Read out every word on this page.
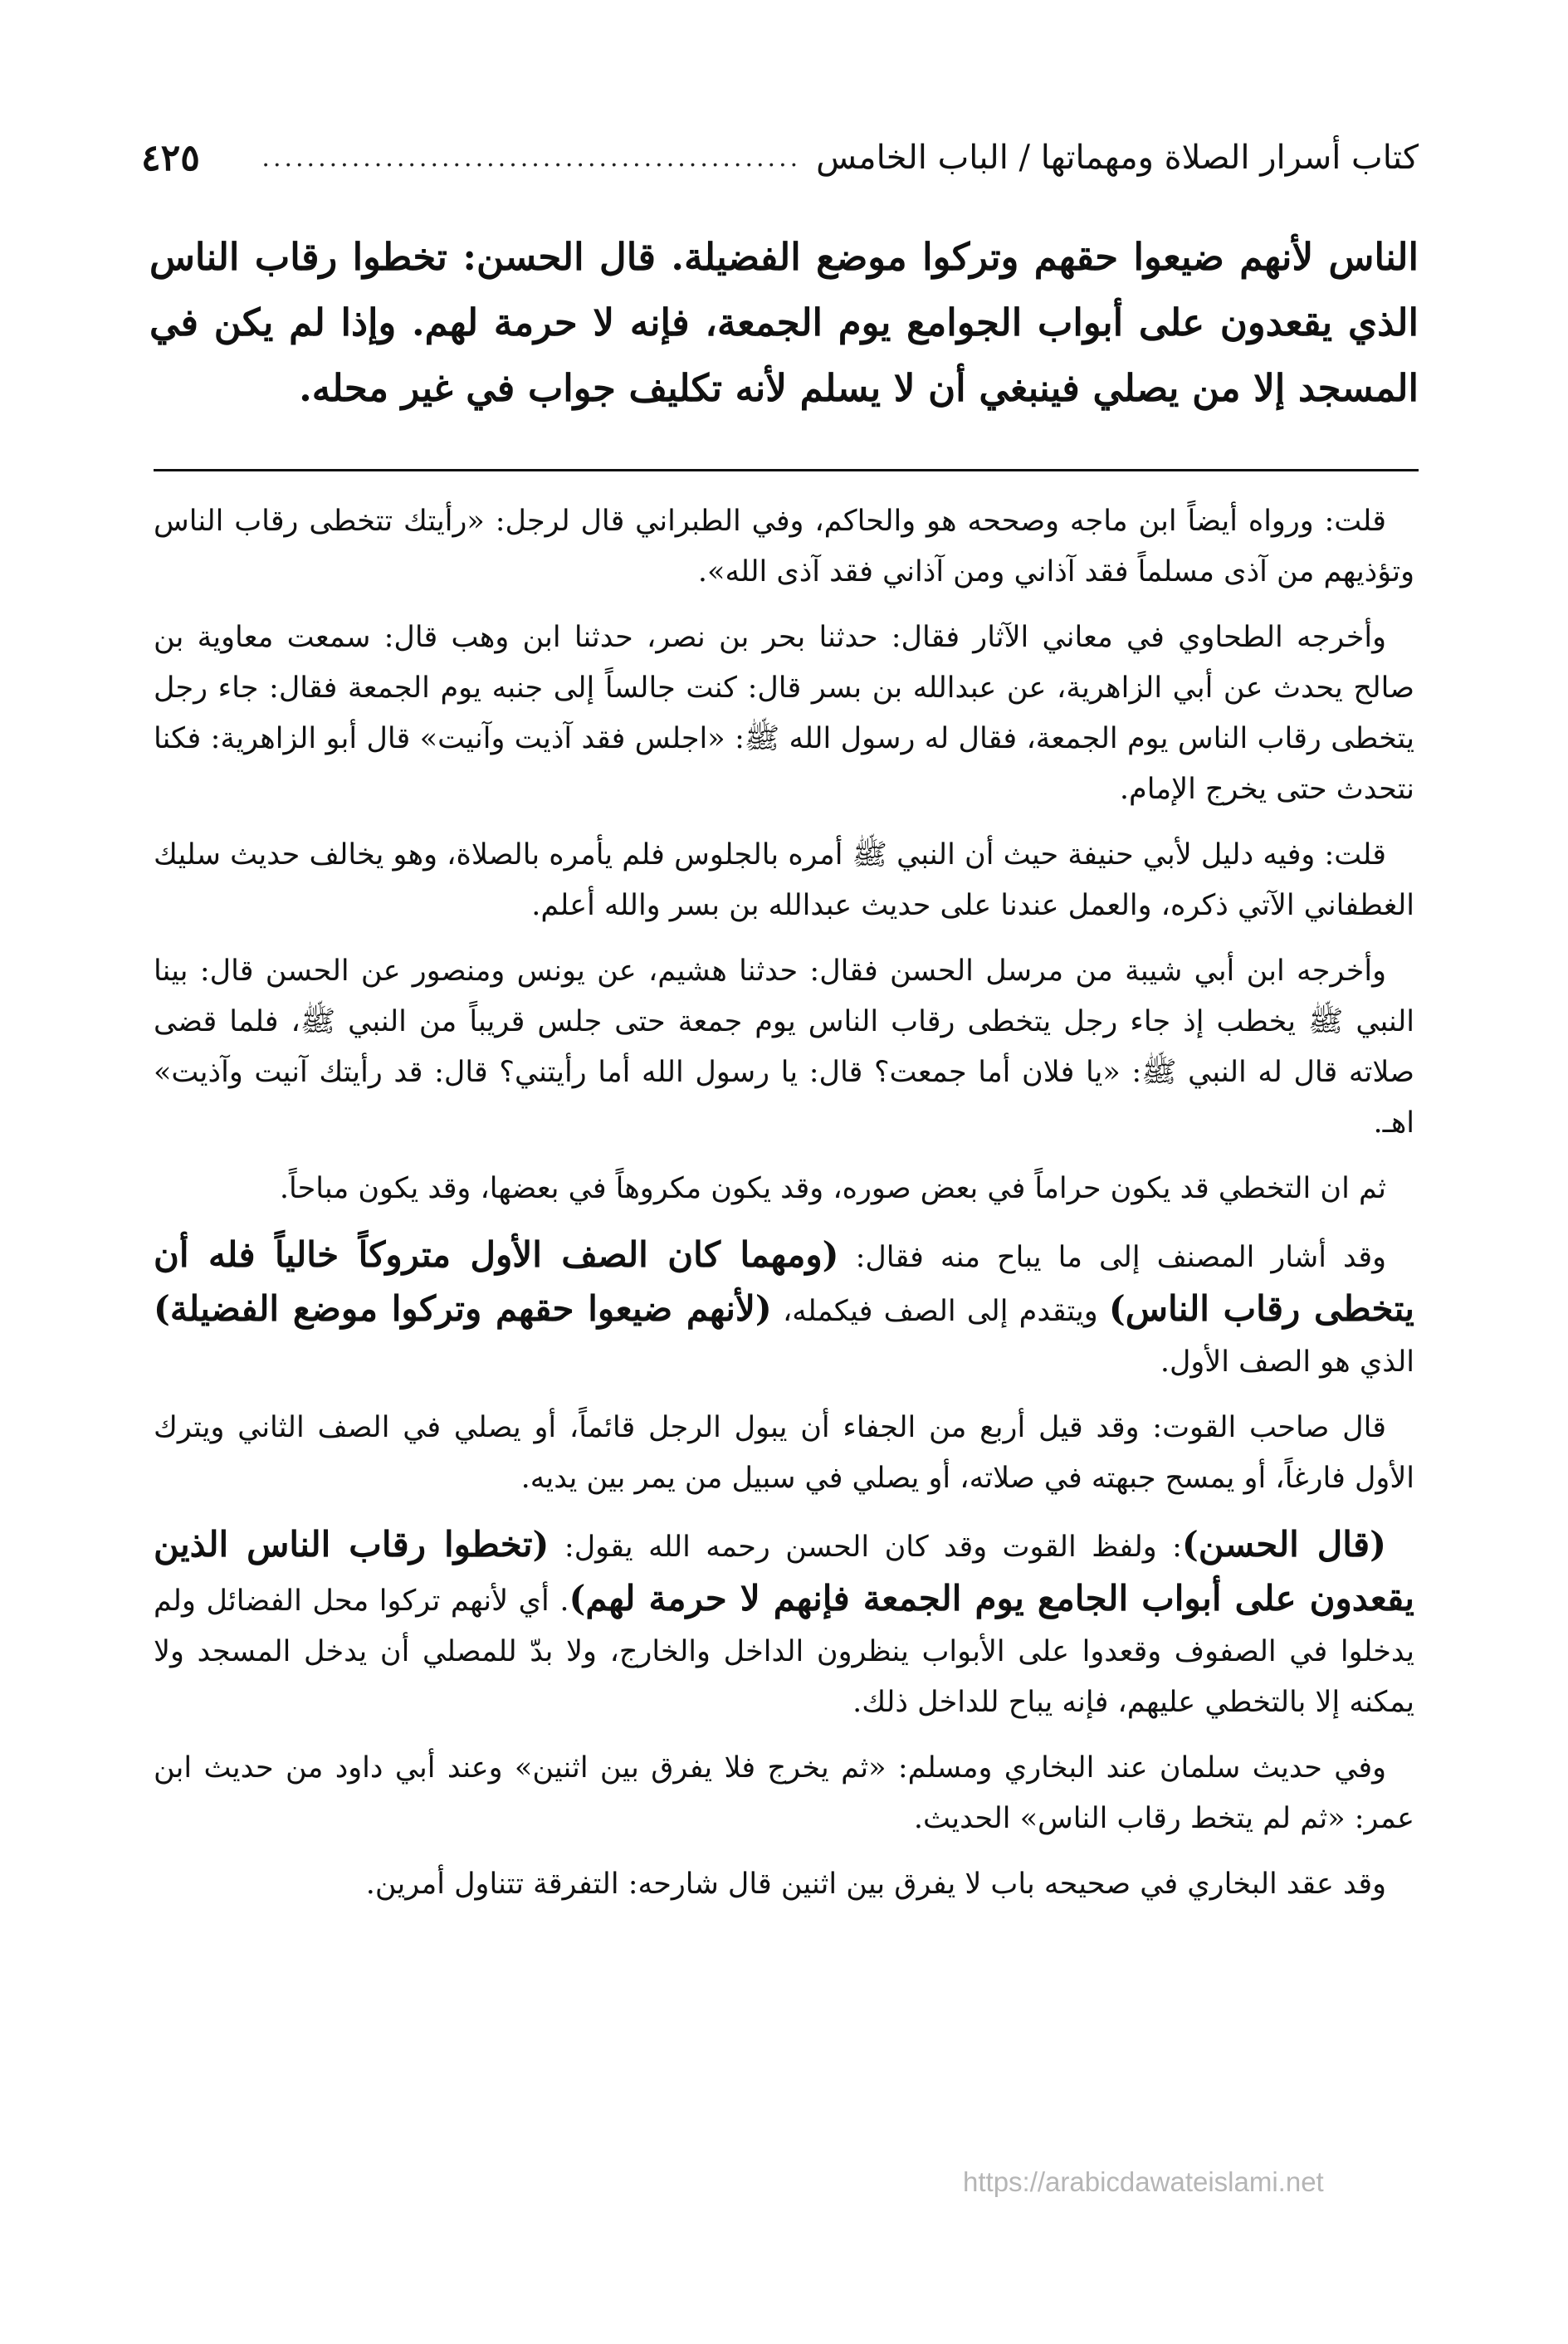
كتاب أسرار الصلاة ومهماتها / الباب الخامس
................................................
٤٢٥

الناس لأنهم ضيعوا حقهم وتركوا موضع الفضيلة. قال الحسن: تخطوا رقاب الناس الذي يقعدون على أبواب الجوامع يوم الجمعة، فإنه لا حرمة لهم. وإذا لم يكن في المسجد إلا من يصلي فينبغي أن لا يسلم لأنه تكليف جواب في غير محله.

قلت: ورواه أيضاً ابن ماجه وصححه هو والحاكم، وفي الطبراني قال لرجل: «رأيتك تتخطى رقاب الناس وتؤذيهم من آذى مسلماً فقد آذاني ومن آذاني فقد آذى الله».

وأخرجه الطحاوي في معاني الآثار فقال: حدثنا بحر بن نصر، حدثنا ابن وهب قال: سمعت معاوية بن صالح يحدث عن أبي الزاهرية، عن عبدالله بن بسر قال: كنت جالساً إلى جنبه يوم الجمعة فقال: جاء رجل يتخطى رقاب الناس يوم الجمعة، فقال له رسول الله ﷺ: «اجلس فقد آذيت وآنيت» قال أبو الزاهرية: فكنا نتحدث حتى يخرج الإمام.

قلت: وفيه دليل لأبي حنيفة حيث أن النبي ﷺ أمره بالجلوس فلم يأمره بالصلاة، وهو يخالف حديث سليك الغطفاني الآتي ذكره، والعمل عندنا على حديث عبدالله بن بسر والله أعلم.

وأخرجه ابن أبي شيبة من مرسل الحسن فقال: حدثنا هشيم، عن يونس ومنصور عن الحسن قال: بينا النبي ﷺ يخطب إذ جاء رجل يتخطى رقاب الناس يوم جمعة حتى جلس قريباً من النبي ﷺ، فلما قضى صلاته قال له النبي ﷺ: «يا فلان أما جمعت؟ قال: يا رسول الله أما رأيتني؟ قال: قد رأيتك آنيت وآذيت» اهـ.

ثم ان التخطي قد يكون حراماً في بعض صوره، وقد يكون مكروهاً في بعضها، وقد يكون مباحاً.

وقد أشار المصنف إلى ما يباح منه فقال: (ومهما كان الصف الأول متروكاً خالياً فله أن يتخطى رقاب الناس) ويتقدم إلى الصف فيكمله، (لأنهم ضيعوا حقهم وتركوا موضع الفضيلة) الذي هو الصف الأول.

قال صاحب القوت: وقد قيل أربع من الجفاء أن يبول الرجل قائماً، أو يصلي في الصف الثاني ويترك الأول فارغاً، أو يمسح جبهته في صلاته، أو يصلي في سبيل من يمر بين يديه.

(قال الحسن): ولفظ القوت وقد كان الحسن رحمه الله يقول: (تخطوا رقاب الناس الذين يقعدون على أبواب الجامع يوم الجمعة فإنهم لا حرمة لهم). أي لأنهم تركوا محل الفضائل ولم يدخلوا في الصفوف وقعدوا على الأبواب ينظرون الداخل والخارج، ولا بدّ للمصلي أن يدخل المسجد ولا يمكنه إلا بالتخطي عليهم، فإنه يباح للداخل ذلك.

وفي حديث سلمان عند البخاري ومسلم: «ثم يخرج فلا يفرق بين اثنين» وعند أبي داود من حديث ابن عمر: «ثم لم يتخط رقاب الناس» الحديث.

وقد عقد البخاري في صحيحه باب لا يفرق بين اثنين قال شارحه: التفرقة تتناول أمرين.

https://arabicdawateislami.net
